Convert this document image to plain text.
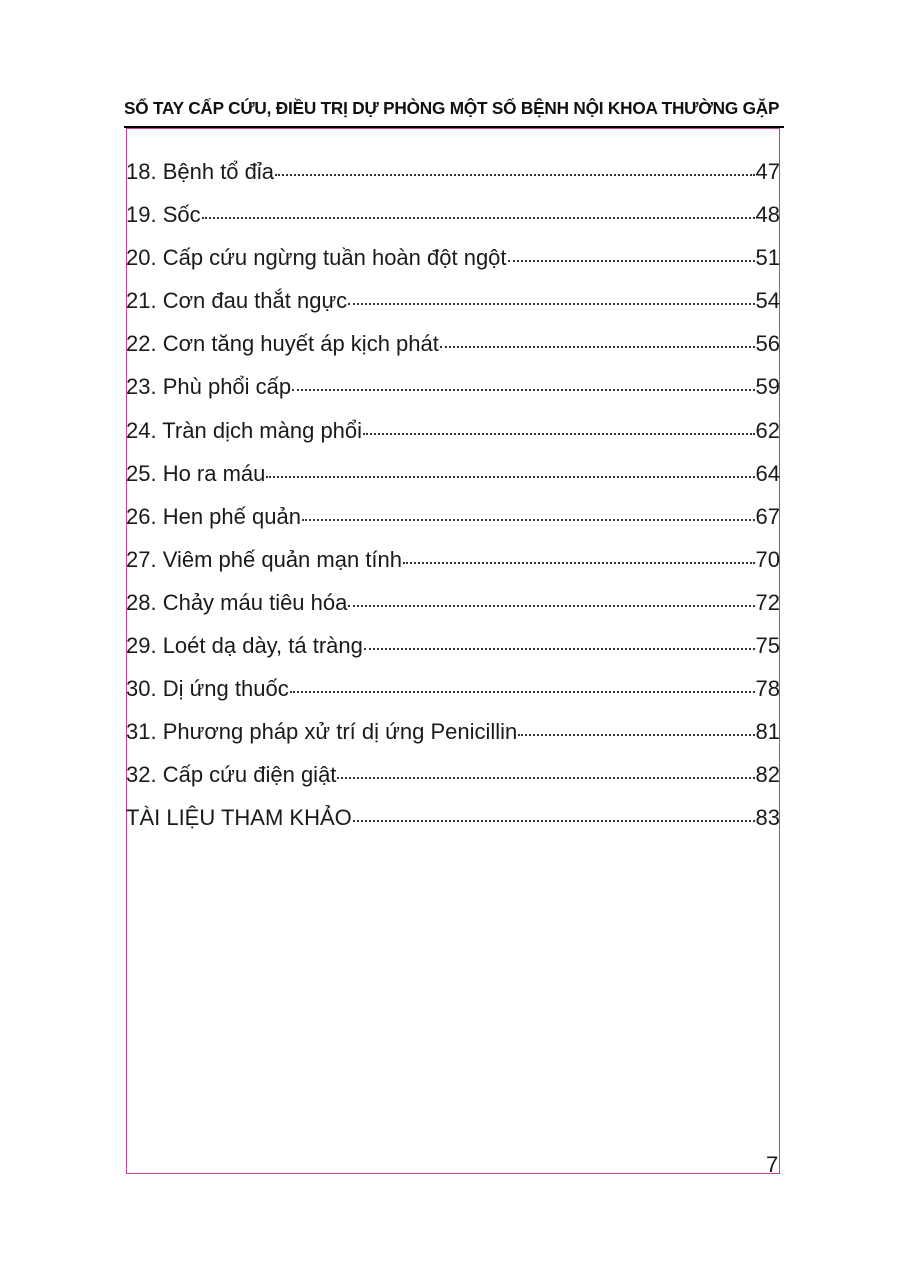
SỔ TAY CẤP CỨU, ĐIỀU TRỊ DỰ PHÒNG MỘT SỐ BỆNH NỘI KHOA THƯỜNG GẶP
18. Bệnh tổ đỉa	47
19. Sốc	48
20. Cấp cứu ngừng tuần hoàn đột ngột	51
21. Cơn đau thắt ngực	54
22. Cơn tăng huyết áp kịch phát	56
23. Phù phổi cấp	59
24. Tràn dịch màng phổi	62
25. Ho ra máu	64
26. Hen phế quản	67
27. Viêm phế quản mạn tính	70
28. Chảy máu tiêu hóa	72
29. Loét dạ dày, tá tràng	75
30. Dị ứng thuốc	78
31. Phương pháp xử trí dị ứng Penicillin	81
32. Cấp cứu điện giật	82
TÀI LIỆU THAM KHẢO	83
7
